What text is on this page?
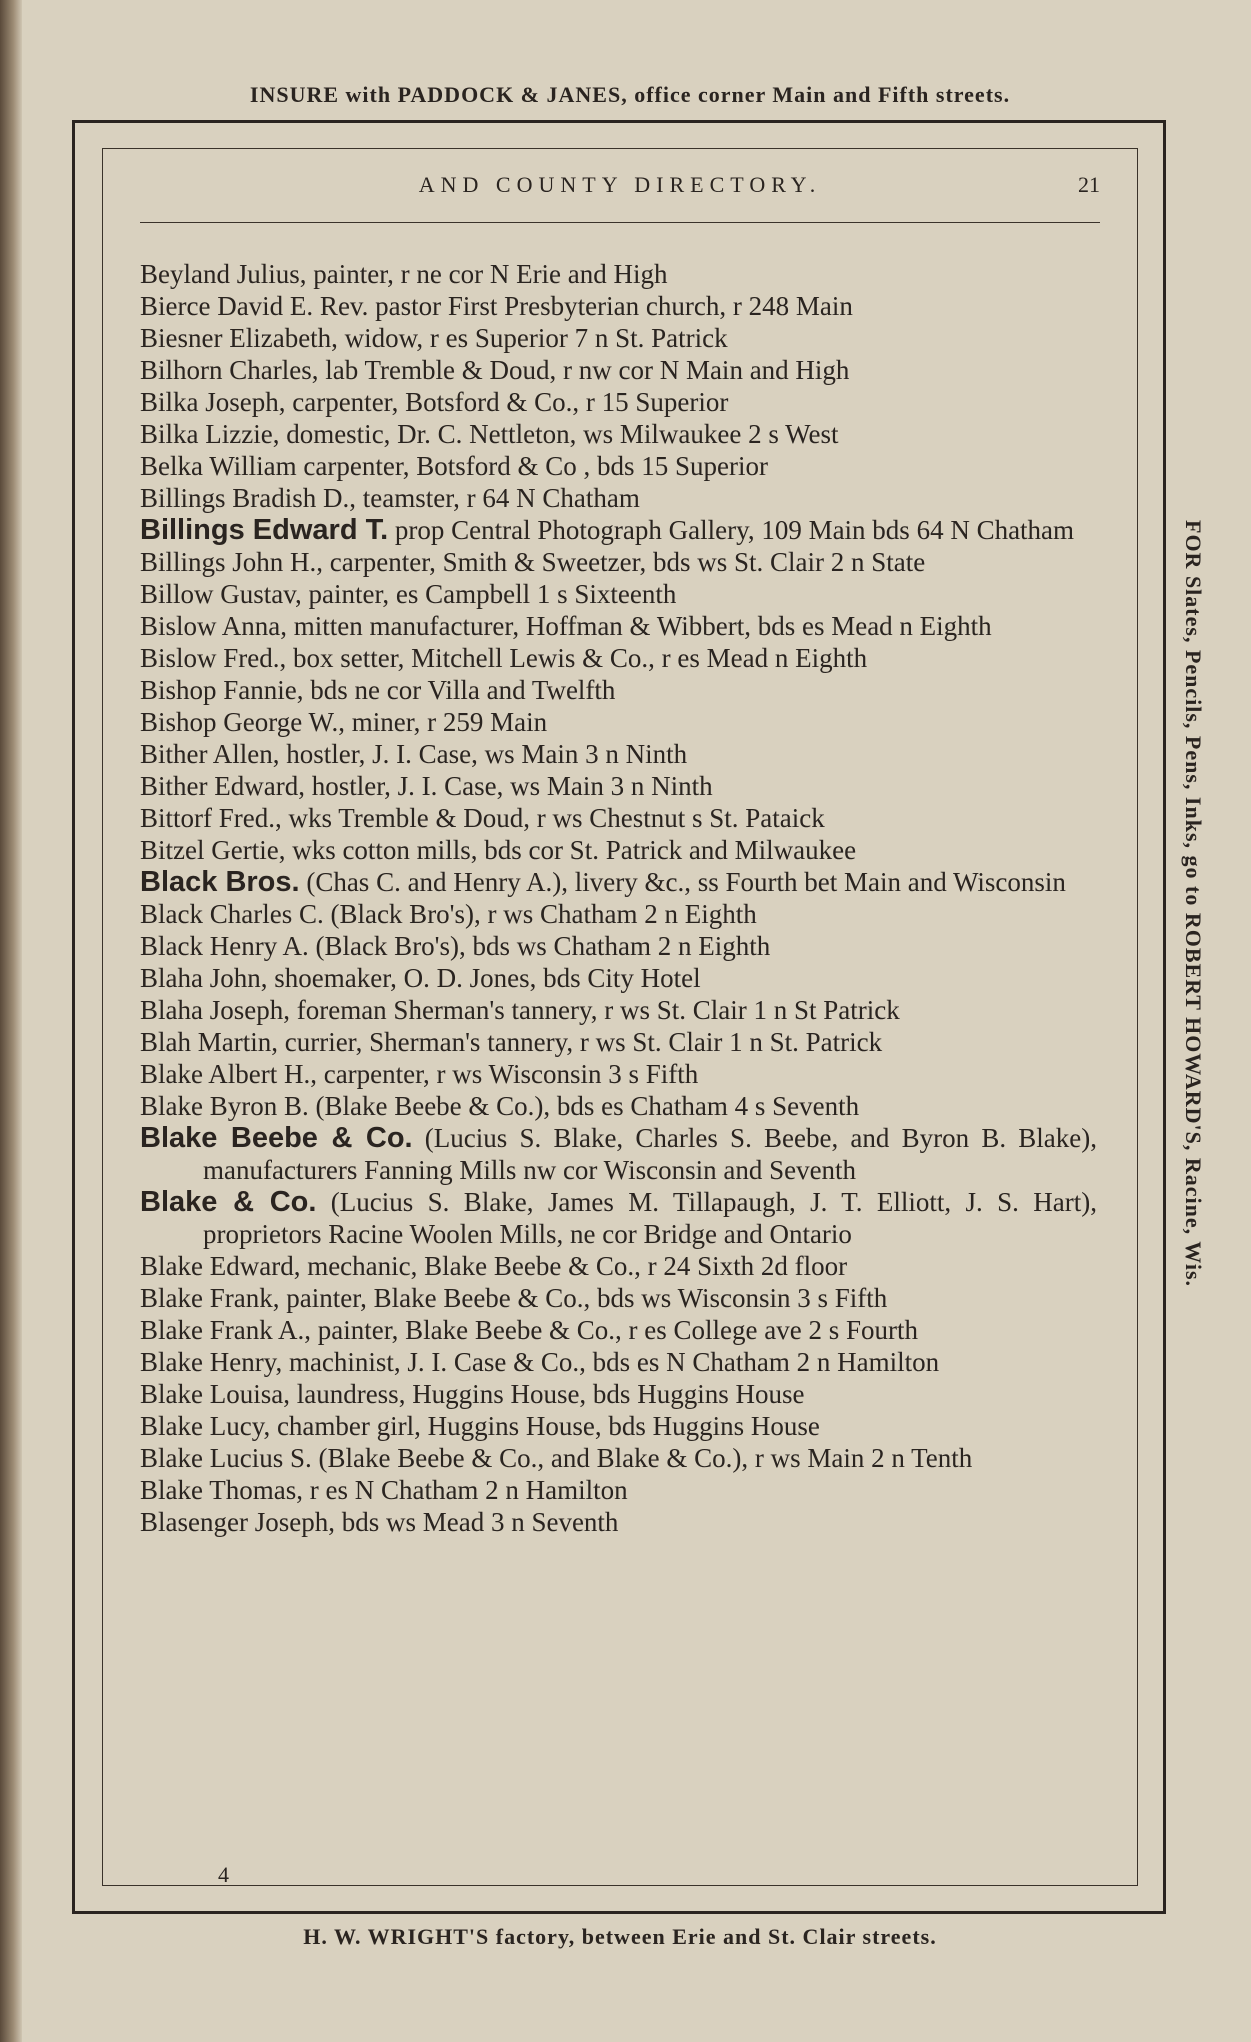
INSURE with PADDOCK & JANES, office corner Main and Fifth streets.
FOR Slates, Pencils, Pens, Inks, go to ROBERT HOWARD'S, Racine, Wis.
AND COUNTY DIRECTORY.	21
Beyland Julius, painter, r ne cor N Erie and High
Bierce David E. Rev. pastor First Presbyterian church, r 248 Main
Biesner Elizabeth, widow, r es Superior 7 n St. Patrick
Bilhorn Charles, lab Tremble & Doud, r nw cor N Main and High
Bilka Joseph, carpenter, Botsford & Co., r 15 Superior
Bilka Lizzie, domestic, Dr. C. Nettleton, ws Milwaukee 2 s West
Belka William carpenter, Botsford & Co , bds 15 Superior
Billings Bradish D., teamster, r 64 N Chatham
Billings Edward T. prop Central Photograph Gallery, 109 Main bds 64 N Chatham
Billings John H., carpenter, Smith & Sweetzer, bds ws St. Clair 2 n State
Billow Gustav, painter, es Campbell 1 s Sixteenth
Bislow Anna, mitten manufacturer, Hoffman & Wibbert, bds es Mead n Eighth
Bislow Fred., box setter, Mitchell Lewis & Co., r es Mead n Eighth
Bishop Fannie, bds ne cor Villa and Twelfth
Bishop George W., miner, r 259 Main
Bither Allen, hostler, J. I. Case, ws Main 3 n Ninth
Bither Edward, hostler, J. I. Case, ws Main 3 n Ninth
Bittorf Fred., wks Tremble & Doud, r ws Chestnut s St. Pataick
Bitzel Gertie, wks cotton mills, bds cor St. Patrick and Milwaukee
Black Bros. (Chas C. and Henry A.), livery &c., ss Fourth bet Main and Wisconsin
Black Charles C. (Black Bro's), r ws Chatham 2 n Eighth
Black Henry A. (Black Bro's), bds ws Chatham 2 n Eighth
Blaha John, shoemaker, O. D. Jones, bds City Hotel
Blaha Joseph, foreman Sherman's tannery, r ws St. Clair 1 n St Patrick
Blah Martin, currier, Sherman's tannery, r ws St. Clair 1 n St. Patrick
Blake Albert H., carpenter, r ws Wisconsin 3 s Fifth
Blake Byron B. (Blake Beebe & Co.), bds es Chatham 4 s Seventh
Blake Beebe & Co. (Lucius S. Blake, Charles S. Beebe, and Byron B. Blake), manufacturers Fanning Mills nw cor Wisconsin and Seventh
Blake & Co. (Lucius S. Blake, James M. Tillapaugh, J. T. Elliott, J. S. Hart), proprietors Racine Woolen Mills, ne cor Bridge and Ontario
Blake Edward, mechanic, Blake Beebe & Co., r 24 Sixth 2d floor
Blake Frank, painter, Blake Beebe & Co., bds ws Wisconsin 3 s Fifth
Blake Frank A., painter, Blake Beebe & Co., r es College ave 2 s Fourth
Blake Henry, machinist, J. I. Case & Co., bds es N Chatham 2 n Hamilton
Blake Louisa, laundress, Huggins House, bds Huggins House
Blake Lucy, chamber girl, Huggins House, bds Huggins House
Blake Lucius S. (Blake Beebe & Co., and Blake & Co.), r ws Main 2 n Tenth
Blake Thomas, r es N Chatham 2 n Hamilton
Blasenger Joseph, bds ws Mead 3 n Seventh
4
H. W. WRIGHT'S factory, between Erie and St. Clair streets.
